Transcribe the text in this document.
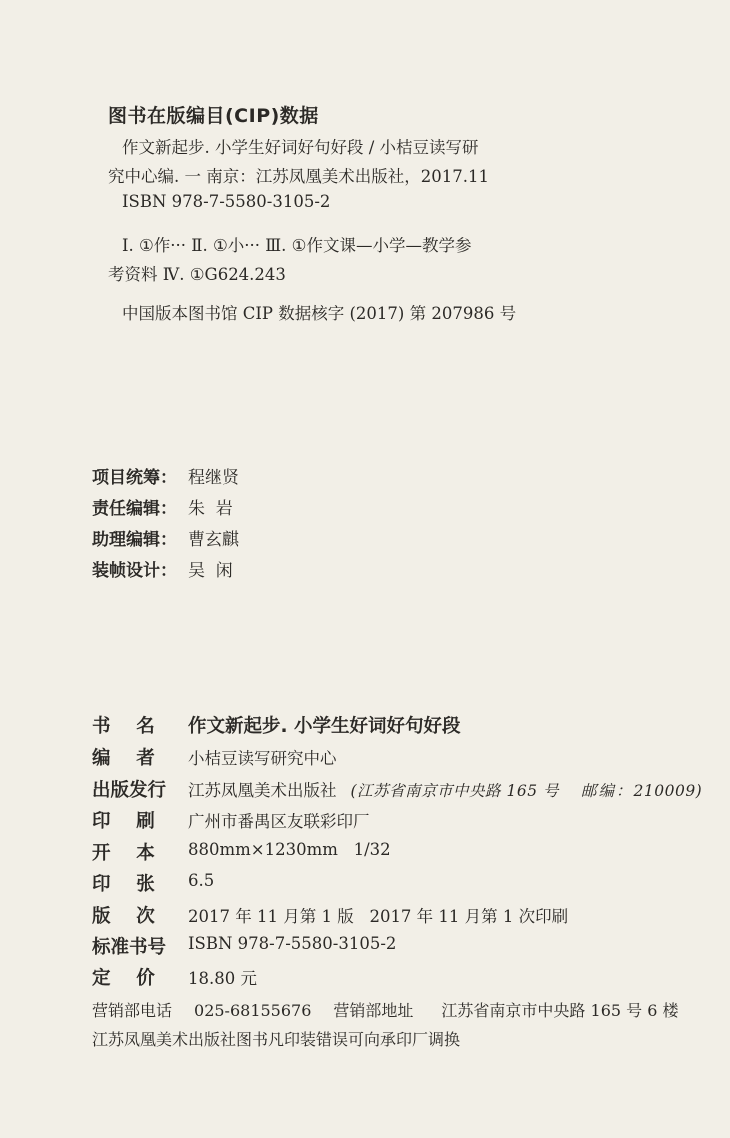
图书在版编目(CIP)数据
作文新起步. 小学生好词好句好段 / 小桔豆读写研
究中心编. 一 南京：江苏凤凰美术出版社，2017.11
ISBN 978-7-5580-3105-2
Ⅰ. ①作··· Ⅱ. ①小··· Ⅲ. ①作文课—小学—教学参
考资料 Ⅳ. ①G624.243
中国版本图书馆 CIP 数据核字 (2017) 第 207986 号
项目统筹： 程继贤
责任编辑： 朱  岩
助理编辑： 曹玄麒
装帧设计： 吴  闲
书    名 作文新起步. 小学生好词好句好段
编    者 小桔豆读写研究中心
出版发行 江苏凤凰美术出版社 (江苏省南京市中央路 165 号 邮编：210009)
印    刷 广州市番禺区友联彩印厂
开    本 880mm×1230mm   1/32
印    张 6.5
版    次 2017 年 11 月第 1 版   2017 年 11 月第 1 次印刷
标准书号 ISBN 978-7-5580-3105-2
定    价 18.80 元
营销部电话 025-68155676 营销部地址 江苏省南京市中央路 165 号 6 楼
江苏凤凰美术出版社图书凡印装错误可向承印厂调换
